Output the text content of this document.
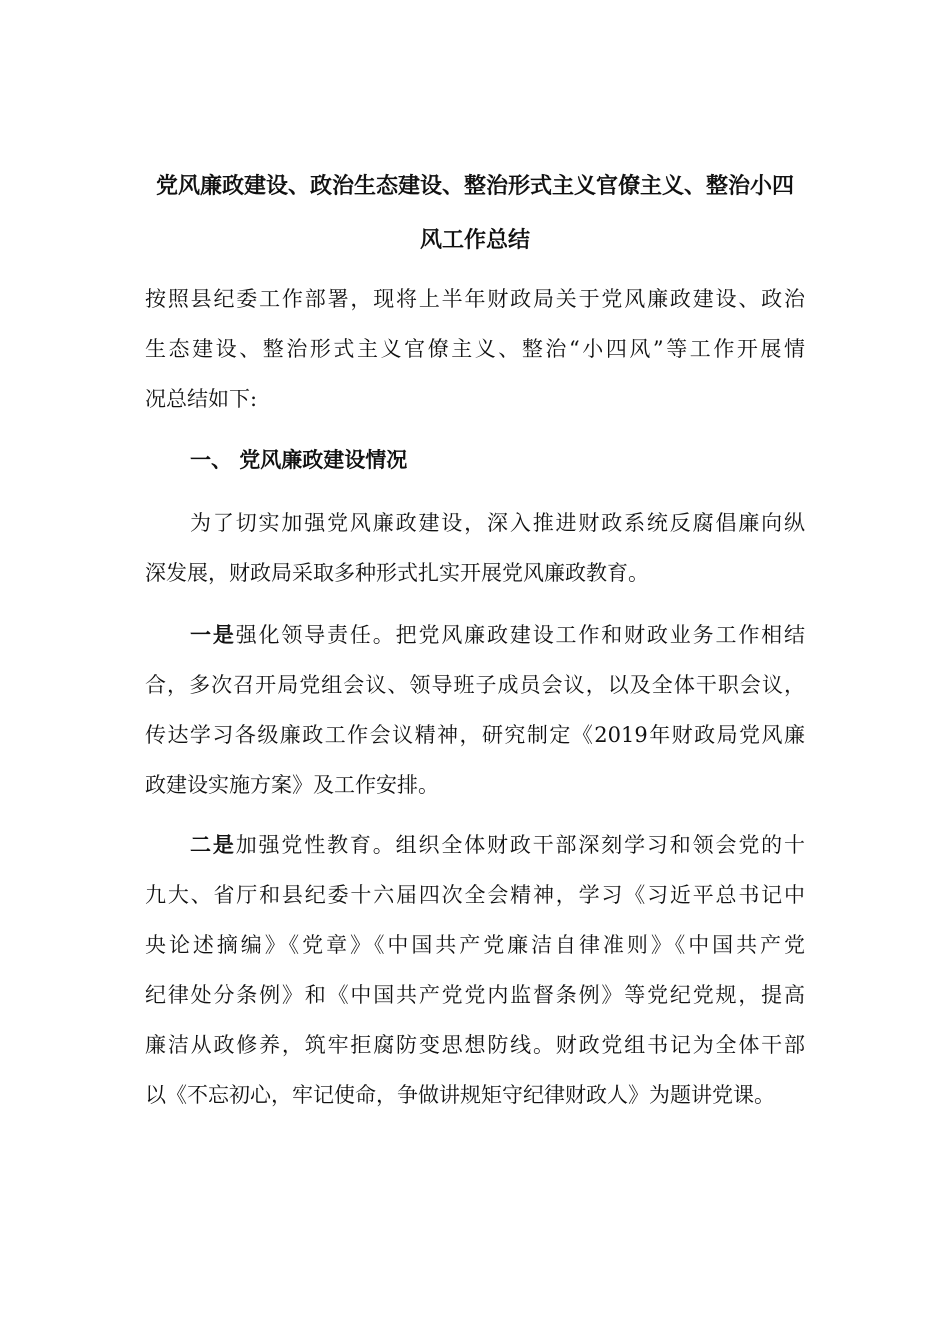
党风廉政建设、政治生态建设、整治形式主义官僚主义、整治小四
风工作总结
按照县纪委工作部署，现将上半年财政局关于党风廉政建设、政治
生态建设、整治形式主义官僚主义、整治“小四风”等工作开展情
况总结如下:
一、 党风廉政建设情况
为了切实加强党风廉政建设，深入推进财政系统反腐倡廉向纵
深发展，财政局采取多种形式扎实开展党风廉政教育。
一是强化领导责任。把党风廉政建设工作和财政业务工作相结
合，多次召开局党组会议、领导班子成员会议，以及全体干职会议，
传达学习各级廉政工作会议精神，研究制定《2019年财政局党风廉
政建设实施方案》及工作安排。
二是加强党性教育。组织全体财政干部深刻学习和领会党的十
九大、省厅和县纪委十六届四次全会精神，学习《习近平总书记中
央论述摘编》《党章》《中国共产党廉洁自律准则》《中国共产党
纪律处分条例》和《中国共产党党内监督条例》等党纪党规，提高
廉洁从政修养，筑牢拒腐防变思想防线。财政党组书记为全体干部
以《不忘初心，牢记使命，争做讲规矩守纪律财政人》为题讲党课。
